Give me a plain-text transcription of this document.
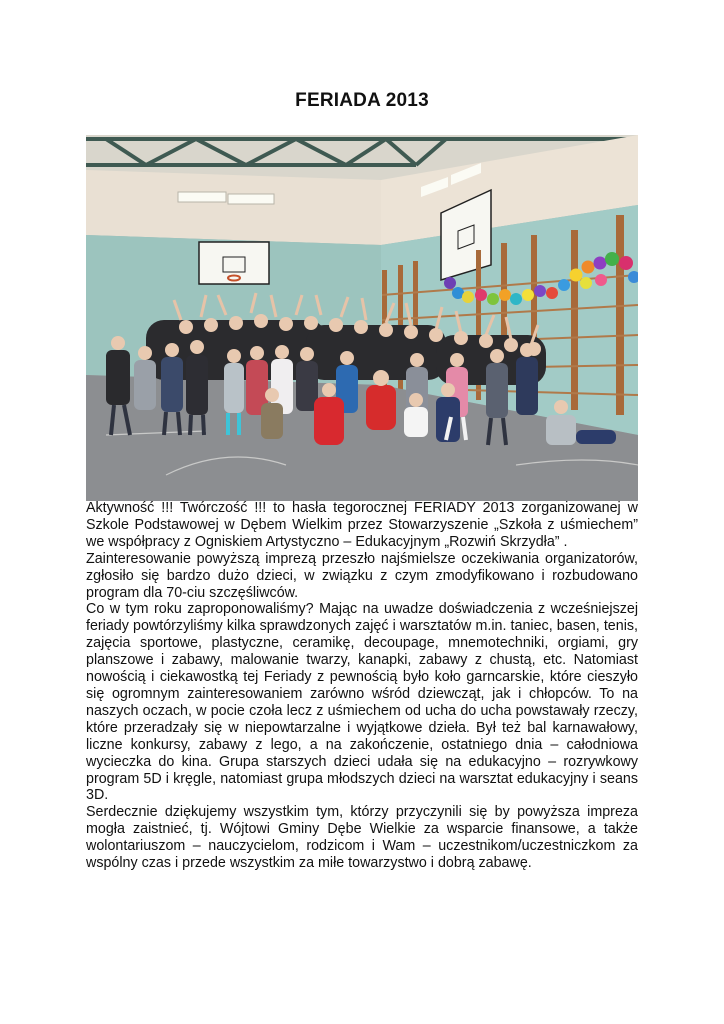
FERIADA 2013

Aktywność !!! Twórczość !!! to hasła tegorocznej FERIADY 2013 zorganizowanej w Szkole Podstawowej w Dębem Wielkim przez Stowarzyszenie „Szkoła z uśmiechem” we współpracy z Ogniskiem Artystyczno – Edukacyjnym „Rozwiń Skrzydła” .

Zainteresowanie powyższą imprezą przeszło najśmielsze oczekiwania organizatorów, zgłosiło się bardzo dużo dzieci, w związku z czym zmodyfikowano i rozbudowano program dla 70-ciu szczęśliwców.

Co w tym roku zaproponowaliśmy? Mając na uwadze doświadczenia z wcześniejszej feriady powtórzyliśmy kilka sprawdzonych zajęć i warsztatów m.in. taniec, basen, tenis, zajęcia sportowe, plastyczne, ceramikę, decoupage, mnemotechniki, orgiami, gry planszowe i zabawy, malowanie twarzy, kanapki, zabawy z chustą, etc. Natomiast nowością i ciekawostką tej Feriady z pewnością było koło garncarskie, które cieszyło się ogromnym zainteresowaniem zarówno wśród dziewcząt, jak i chłopców. To na naszych oczach, w pocie czoła lecz z uśmiechem od ucha do ucha powstawały rzeczy, które przeradzały się w niepowtarzalne i wyjątkowe dzieła. Był też bal karnawałowy, liczne konkursy, zabawy z lego, a na zakończenie, ostatniego dnia – całodniowa wycieczka do kina. Grupa starszych dzieci udała się na edukacyjno – rozrywkowy program 5D i kręgle, natomiast grupa młodszych dzieci na warsztat edukacyjny i seans 3D.

Serdecznie dziękujemy wszystkim tym, którzy przyczynili się by powyższa impreza mogła zaistnieć, tj. Wójtowi Gminy Dębe Wielkie za wsparcie finansowe, a także wolontariuszom – nauczycielom, rodzicom i Wam – uczestnikom/uczestniczkom za wspólny czas i przede wszystkim za miłe towarzystwo i dobrą zabawę.
